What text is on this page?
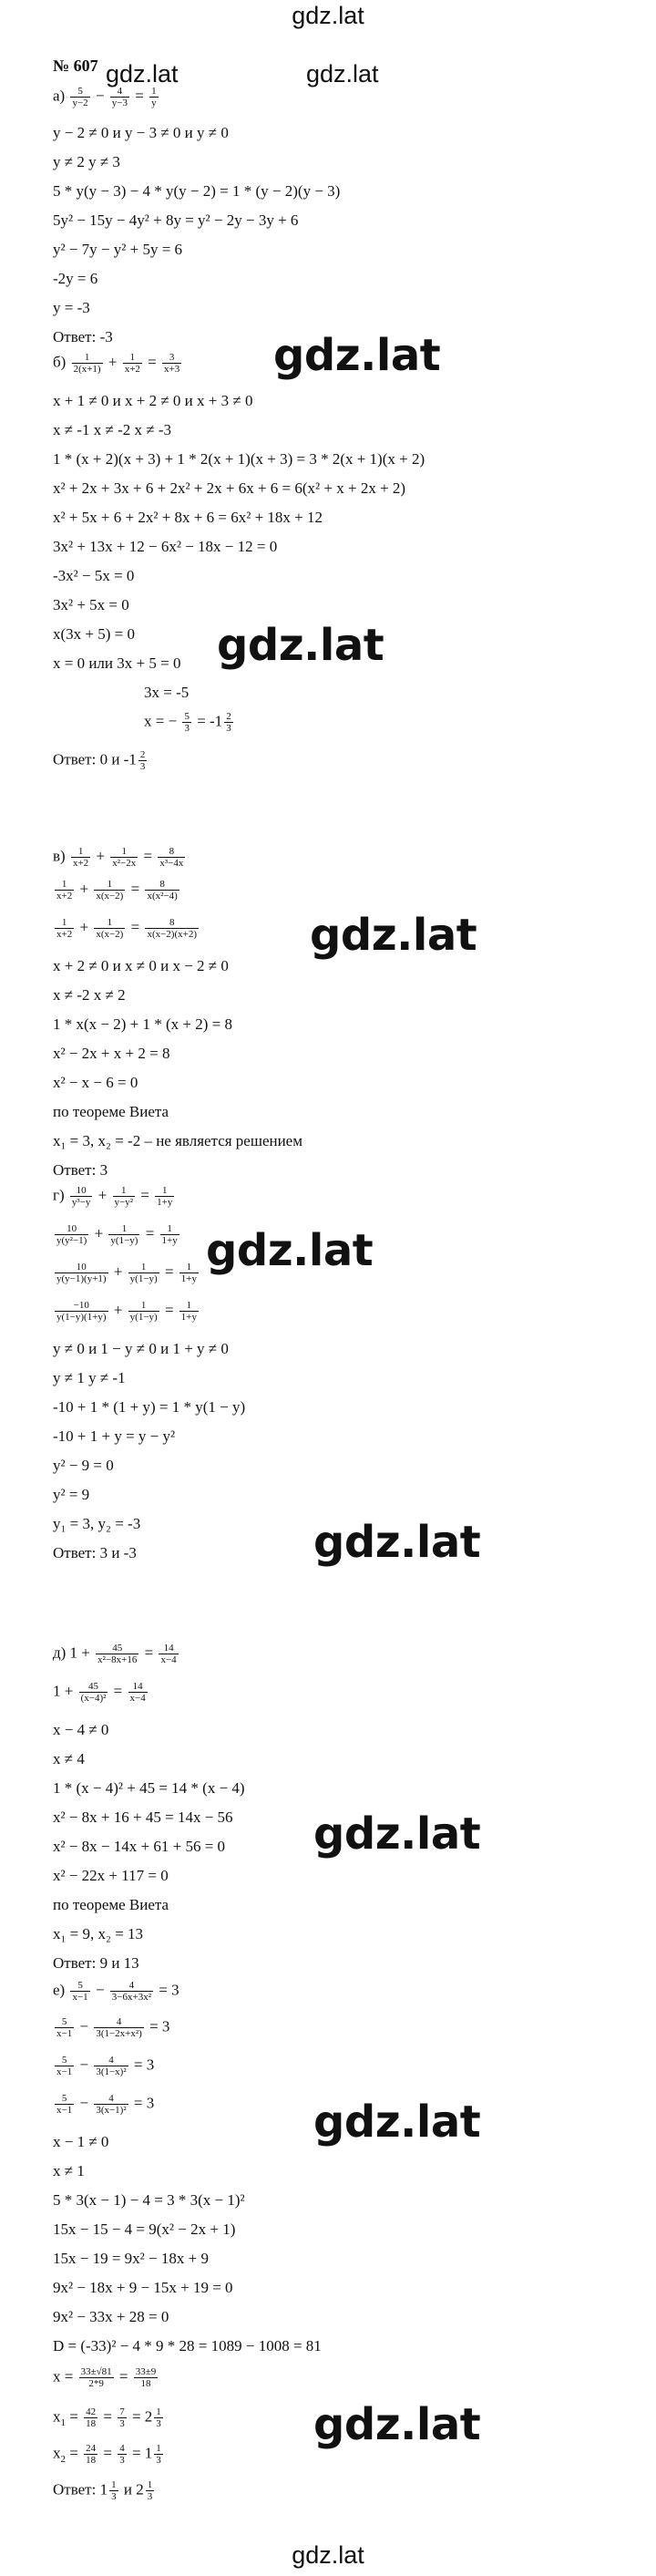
gdz.lat
№ 607 gdz.lat	gdz.lat
$а) \frac{5}{y-2} - \frac{4}{y-3} = \frac{1}{y}$
y − 2 ≠ 0 и y − 3 ≠ 0 и y ≠ 0
y ≠ 2 y ≠ 3
5 * y(y − 3) − 4 * y(y − 2) = 1 * (y − 2)(y − 3)
5y² − 15y − 4y² + 8y = y² − 2y − 3y + 6
y² − 7y − y² + 5y = 6
-2y = 6
y = -3
Ответ: -3
$б) \frac{1}{2(x+1)} + \frac{1}{x+2} = \frac{3}{x+3} gdz.lat$
x + 1 ≠ 0 и x + 2 ≠ 0 и x + 3 ≠ 0
x ≠ -1 x ≠ -2 x ≠ -3
1 * (x + 2)(x + 3) + 1 * 2(x + 1)(x + 3) = 3 * 2(x + 1)(x + 2)
x² + 2x + 3x + 6 + 2x² + 2x + 6x + 6 = 6(x² + x + 2x + 2)
x² + 5x + 6 + 2x² + 8x + 6 = 6x² + 18x + 12
3x² + 13x + 12 − 6x² − 18x − 12 = 0
-3x² − 5x = 0
3x² + 5x = 0
x(3x + 5) = 0
x = 0 или 3x + 5 = 0 gdz.lat
3x = -5
x = − $\frac{5}{3} = -1 \frac{2}{3}$
Ответ: 0 и $-1 \frac{2}{3}$
$в) \frac{1}{x+2} + \frac{1}{\text{x²−2x}} = \frac{8}{\text{x³−4x}}$
$\frac{1}{x+2} + \frac{1}{x(x-2)} = \frac{8}{\text{x(x²−4)}}$
$\frac{1}{x+2} + \frac{1}{x(x-2)} = \frac{8}{x(x-2)(x+2)}$	gdz.lat
x + 2 ≠ 0 и x ≠ 0 и x − 2 ≠ 0
x ≠ -2 x ≠ 2
1 * x(x − 2) + 1 * (x + 2) = 8
x² − 2x + x + 2 = 8
x² − x − 6 = 0
по теореме Виета
x₁ = 3, x₂ = -2 – не является решением
Ответ: 3
$г) \frac{10}{\text{y³−y}} + \frac{1}{\text{y−y²}} = \frac{1}{1+y}$
$\frac{10}{\text{y(y²−1)}} + \frac{1}{y(1-y)} = \frac{1}{1+y} gdz.lat$
$\frac{10}{y(y-1)(y+1)} + \frac{1}{y(1-y)} = \frac{1}{1+y}$
$\frac{-10}{y(1-y)(1+y)} + \frac{1}{y(1-y)} = \frac{1}{1+y}$
y ≠ 0 и 1 − y ≠ 0 и 1 + y ≠ 0
y ≠ 1 y ≠ -1
-10 + 1 * (1 + y) = 1 * y(1 − y)
-10 + 1 + y = y − y²
y² − 9 = 0
y² = 9
y₁ = 3, y₂ = -3
Ответ: 3 и -3	gdz.lat
д) $1 + \frac{45}{\text{x²−8x+16}} = \frac{14}{x-4}$
$1 + \frac{45}{\text{(x−4)²}} = \frac{14}{x-4}$
x − 4 ≠ 0
x ≠ 4
1 * (x − 4)² + 45 = 14 * (x − 4)
x² − 8x + 16 + 45 = 14x − 56 gdz.lat
x² − 8x − 14x + 61 + 56 = 0
x² − 22x + 117 = 0
по теореме Виета
x₁ = 9, x₂ = 13
Ответ: 9 и 13
$е) \frac{5}{x-1} - \frac{4}{\text{3−6x+3x²}} = 3$
$\frac{5}{x-1} - \frac{4}{\text{3(1−2x+x²)}} = 3$
$\frac{5}{x-1} - \frac{4}{\text{3(1−x)²}} = 3$
$\frac{5}{x-1} - \frac{4}{\text{3(x−1)²}} = 3$	gdz.lat
x − 1 ≠ 0
x ≠ 1
5 * 3(x − 1) − 4 = 3 * 3(x − 1)²
15x − 15 − 4 = 9(x² − 2x + 1)
15x − 19 = 9x² − 18x + 9
9x² − 18x + 9 − 15x + 19 = 0
9x² − 33x + 28 = 0
D = (-33)² − 4 * 9 * 28 = 1089 − 1008 = 81
$x = \frac{33\pm√81}{2*9} = \frac{33\pm 9}{18}$
$x_1 = \frac{42}{18} = \frac{7}{3} = 2 \frac{1}{3}$	gdz.lat
$x_2 = \frac{24}{18} = \frac{4}{3} = 1 \frac{1}{3}$
Ответ: $1 \frac{1}{3}$ и $2 \frac{1}{3}$
gdz.lat
